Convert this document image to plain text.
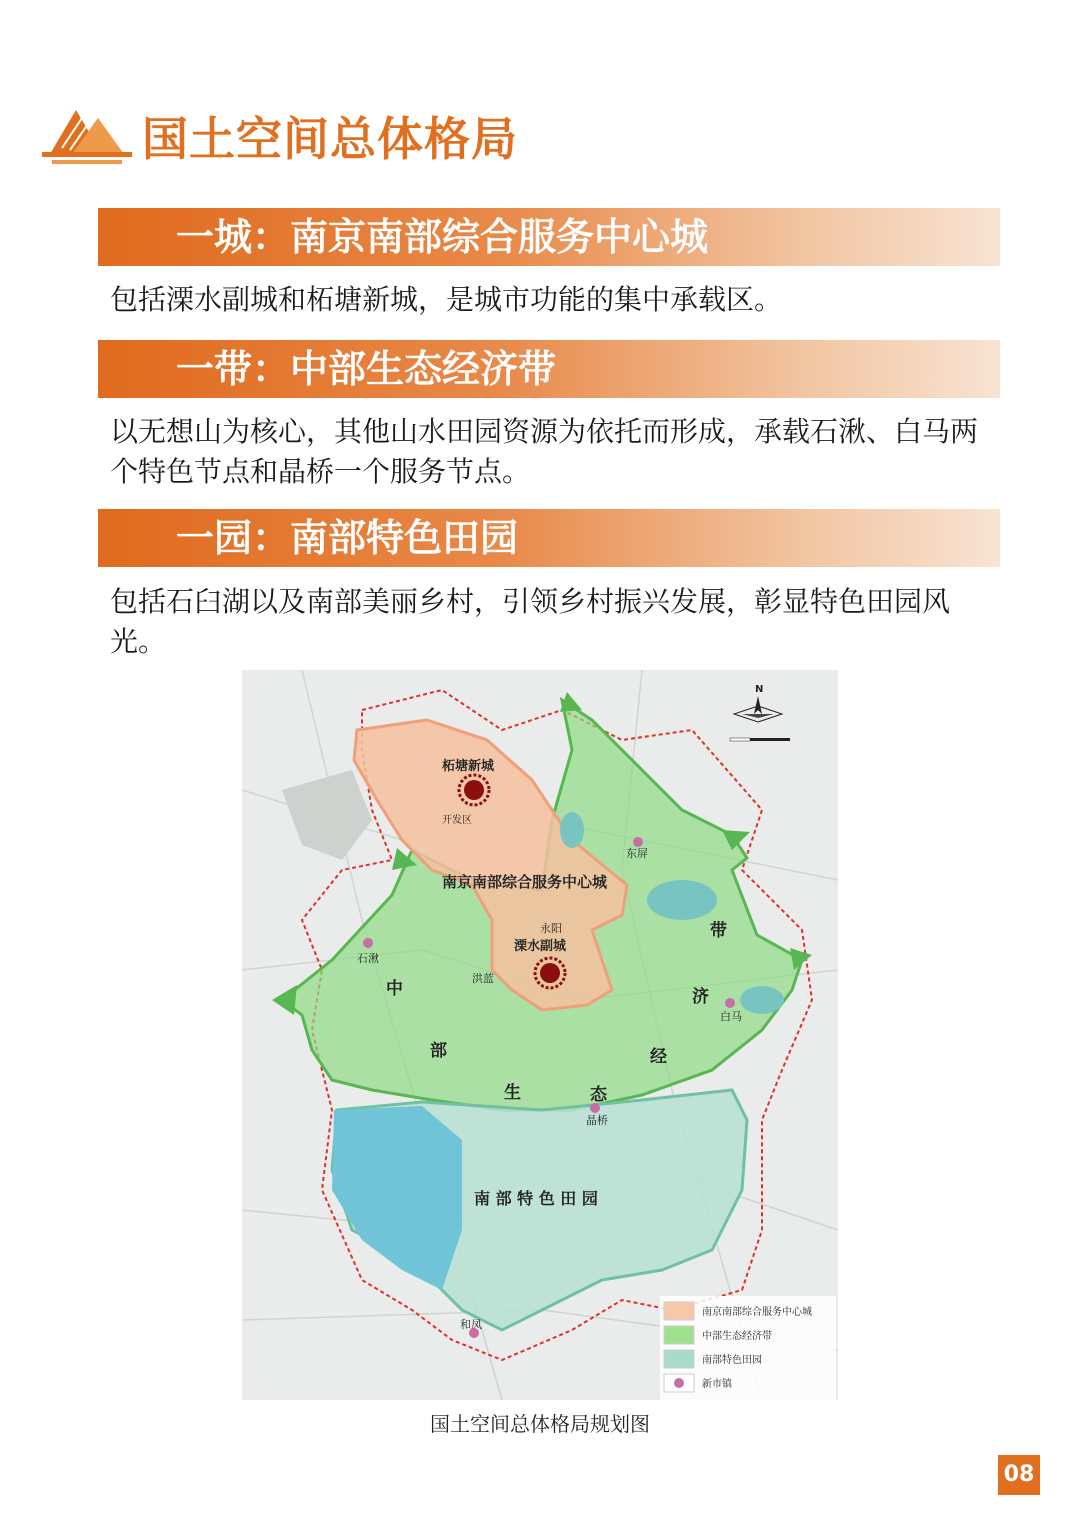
国土空间总体格局
一城：南京南部综合服务中心城
包括溧水副城和柘塘新城，是城市功能的集中承载区。
一带：中部生态经济带
以无想山为核心，其他山水田园资源为依托而形成，承载石湫、白马两个特色节点和晶桥一个服务节点。
一园：南部特色田园
包括石臼湖以及南部美丽乡村，引领乡村振兴发展，彰显特色田园风光。
柘塘新城
开发区
东屏
南京南部综合服务中心城
永阳
溧水副城
石湫
洪蓝
白马
晶桥
和凤
南 部 特 色 田 园
中
部
生	态
经
济
带
N
南京南部综合服务中心城
中部生态经济带
南部特色田园
新市镇
国土空间总体格局规划图
08
